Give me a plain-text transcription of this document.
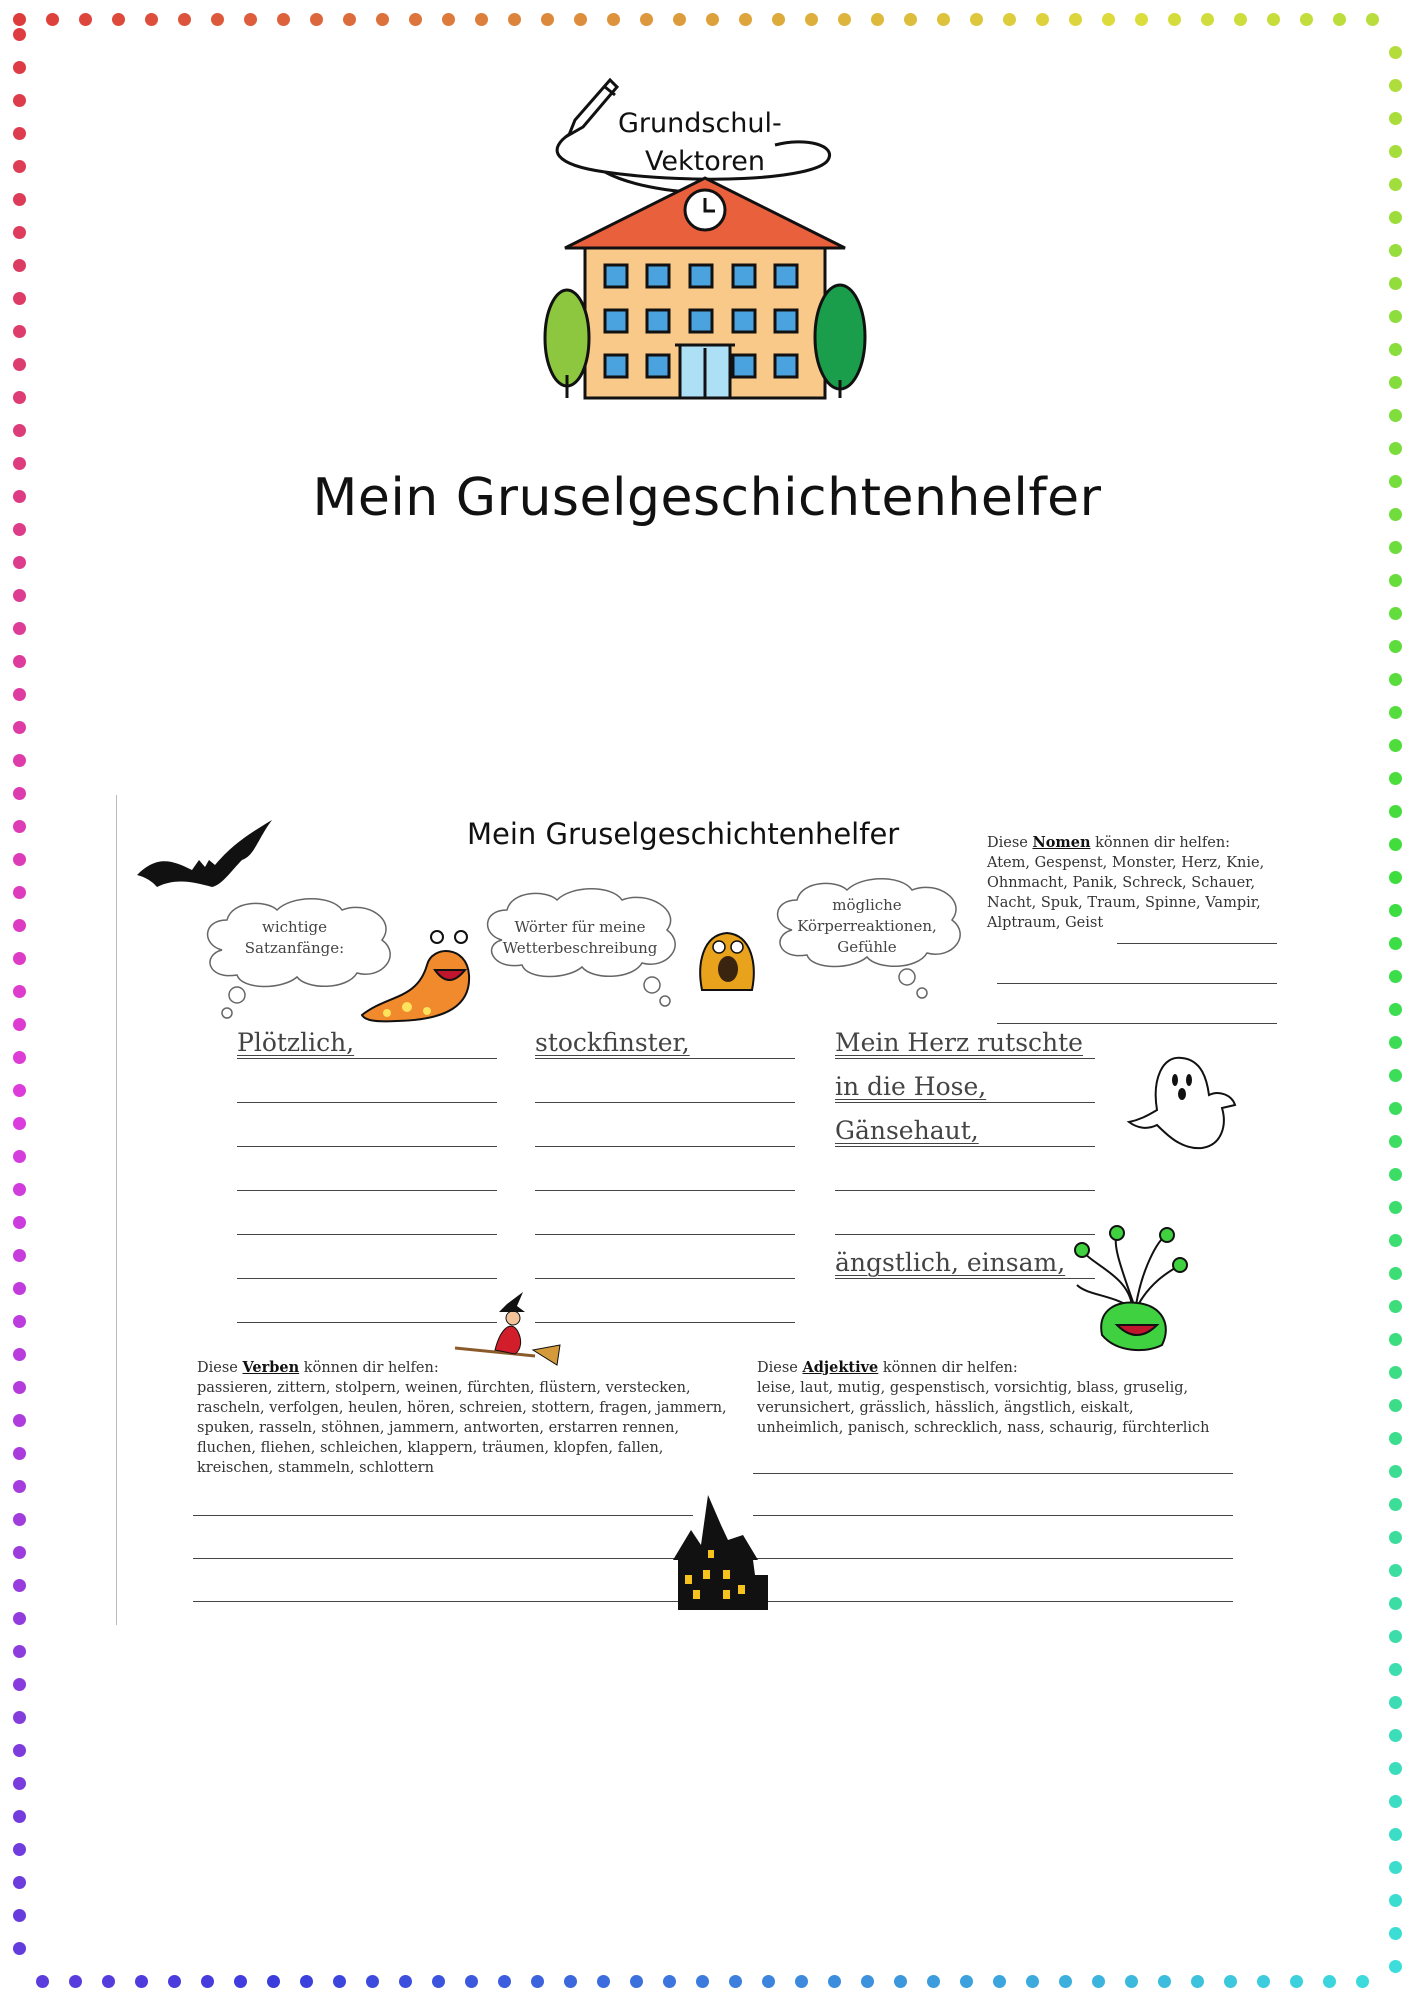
Grundschul-
Vektoren
Mein Gruselgeschichtenhelfer
Mein Gruselgeschichtenhelfer
wichtige
Satzanfänge:
Wörter für meine
Wetterbeschreibung
mögliche
Körperreaktionen,
Gefühle
Diese Nomen können dir helfen:
Atem, Gespenst, Monster, Herz, Knie, Ohnmacht, Panik, Schreck, Schauer, Nacht, Spuk, Traum, Spinne, Vampir, Alptraum, Geist
Plötzlich,	stockfinster,	Mein Herz rutschte
in die Hose,
Gänsehaut,
ängstlich, einsam,
Diese Verben können dir helfen:
passieren, zittern, stolpern, weinen, fürchten, flüstern, verstecken, rascheln, verfolgen, heulen, hören, schreien, stottern, fragen, jammern, spuken, rasseln, stöhnen, jammern, antworten, erstarren rennen, fluchen, fliehen, schleichen, klappern, träumen, klopfen, fallen, kreischen, stammeln, schlottern
Diese Adjektive können dir helfen:
leise, laut, mutig, gespenstisch, vorsichtig, blass, gruselig, verunsichert, grässlich, hässlich, ängstlich, eiskalt, unheimlich, panisch, schrecklich, nass, schaurig, fürchterlich
